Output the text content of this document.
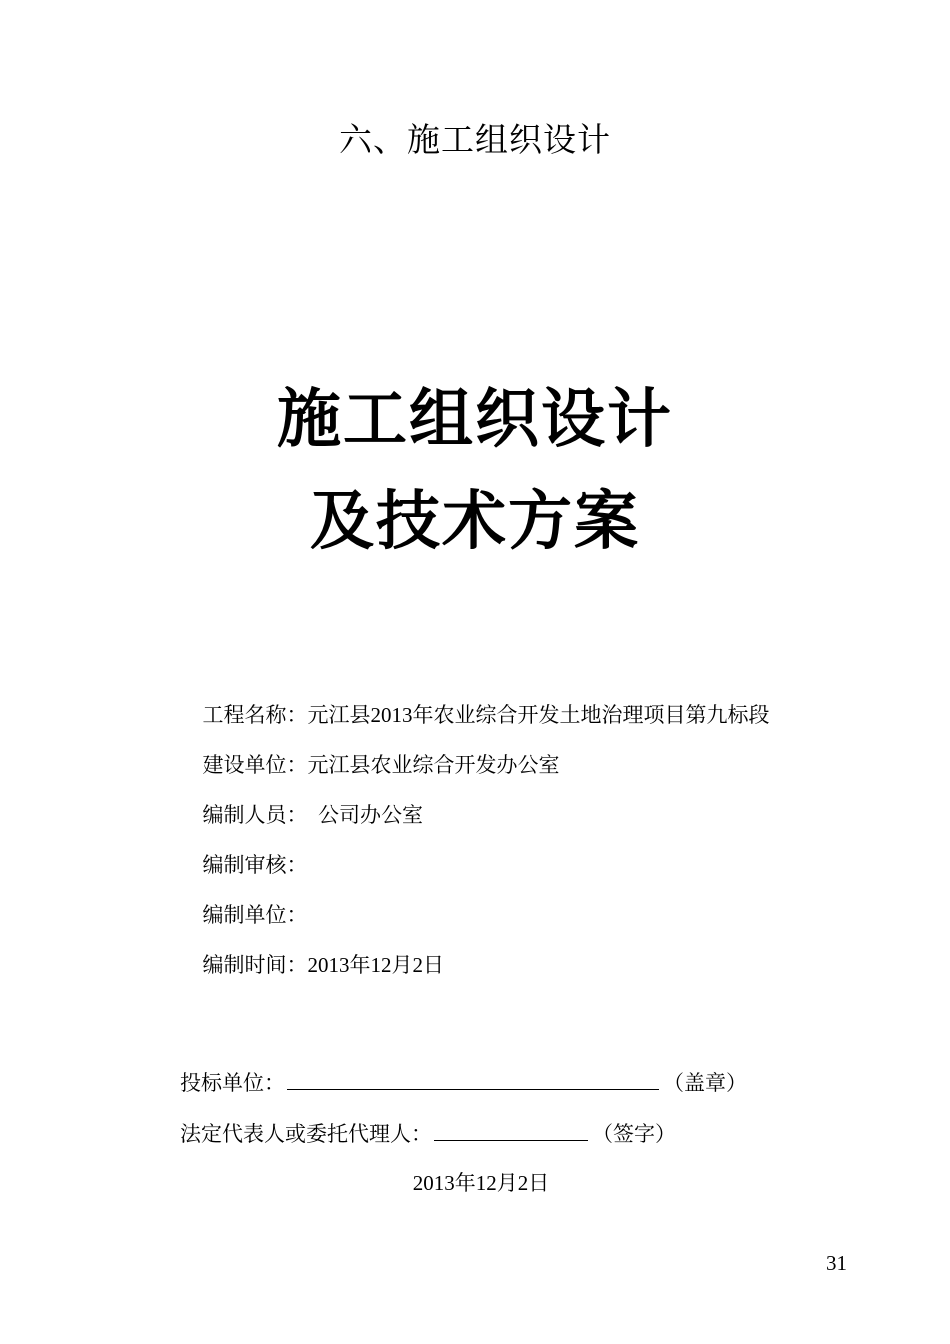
六、施工组织设计
施工组织设计
及技术方案

工程名称：元江县2013年农业综合开发土地治理项目第九标段

建设单位：元江县农业综合开发办公室

编制人员：  公司办公室

编制审核：

编制单位：

编制时间：2013年12月2日

投标单位：	（盖章）
法定代表人或委托代理人：	（签字）
2013年12月2日
31
